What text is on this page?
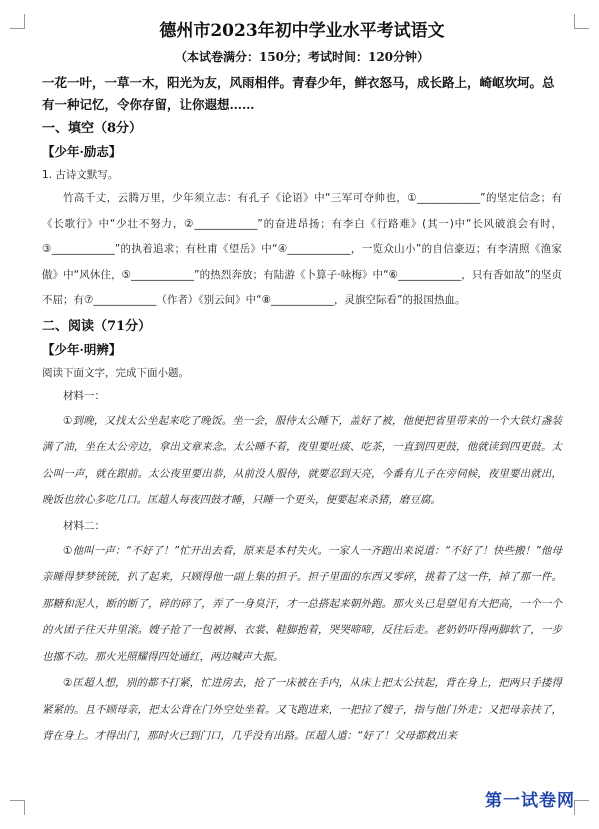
德州市2023年初中学业水平考试语文

（本试卷满分：150分；考试时间：120分钟）

一花一叶，一草一木，阳光为友，风雨相伴。青春少年，鲜衣怒马，成长路上，崎岖坎坷。总有一种记忆，令你存留，让你遐想……

一、填空（8分）

【少年·励志】

1. 古诗文默写。

竹高千丈，云腾万里，少年须立志：有孔子《论语》中“三军可夺帅也，①____________”的坚定信念；有《长歌行》中“少壮不努力，②____________”的奋进昂扬；有李白《行路难》(其一)中“长风破浪会有时，③____________”的执着追求；有杜甫《望岳》中“④____________，一览众山小”的自信豪迈；有李清照《渔家傲》中“风休住，⑤____________”的热烈奔放；有陆游《卜算子·咏梅》中“⑥____________，只有香如故”的坚贞不屈；有⑦____________（作者）《别云间》中“⑧____________，灵旗空际看”的报国热血。

二、阅读（71分）

【少年·明辨】

阅读下面文字，完成下面小题。

材料一：

①到晚，又找太公坐起来吃了晚饭。坐一会，服侍太公睡下，盖好了被，他便把省里带来的一个大铁灯盏装满了油，坐在太公旁边，拿出文章来念。太公睡不着，夜里要吐痰、吃茶，一直到四更鼓，他就读到四更鼓。太公叫一声，就在跟前。太公夜里要出恭，从前没人服侍，就要忍到天亮，今番有儿子在旁伺候，夜里要出就出，晚饭也放心多吃几口。匡超人每夜四鼓才睡，只睡一个更头，便要起来杀猪，磨豆腐。

材料二：

①他叫一声：“不好了！”忙开出去看，原来是本村失火。一家人一齐跑出来说道：“不好了！快些搬！”他母亲睡得梦梦铳铳，扒了起来，只顾得他一副上集的担子。担子里面的东西又零碎，挑着了这一件，掉了那一件。那糖和泥人，断的断了，碎的碎了，弄了一身臭汗，才一总搭起来朝外跑。那火头已是望见有大把高，一个一个的火团子往天井里滚。嫂子抢了一包被褥、衣裳、鞋脚抱着，哭哭啼啼，反往后走。老奶奶吓得两脚软了，一步也挪不动。那火光照耀得四处通红，两边喊声大振。

②匡超人想，别的都不打紧，忙进房去，抢了一床被在手内，从床上把太公扶起，背在身上，把两只手搂得紧紧的。且不顾母亲，把太公背在门外空处坐着。又飞跑进来，一把拉了嫂子，指与他门外走；又把母亲扶了，背在身上。才得出门，那时火已到门口，几乎没有出路。匡超人道：“好了！父母都救出来

第一试卷网
